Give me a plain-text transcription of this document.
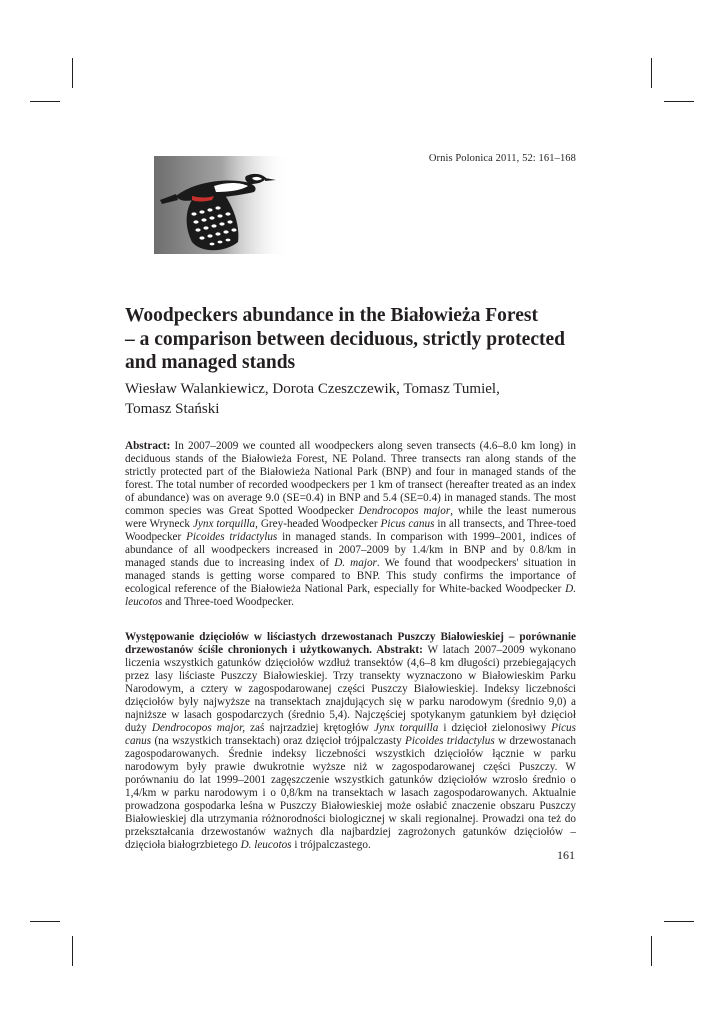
Ornis Polonica 2011, 52: 161–168
Woodpeckers abundance in the Białowieża Forest
– a comparison between deciduous, strictly protected
and managed stands
Wiesław Walankiewicz, Dorota Czeszczewik, Tomasz Tumiel,
Tomasz Stański
Abstract: In 2007–2009 we counted all woodpeckers along seven transects (4.6–8.0 km long) in deciduous stands of the Białowieża Forest, NE Poland. Three transects ran along stands of the strictly protected part of the Białowieża National Park (BNP) and four in managed stands of the forest. The total number of recorded woodpeckers per 1 km of transect (hereafter treated as an index of abundance) was on average 9.0 (SE=0.4) in BNP and 5.4 (SE=0.4) in managed stands. The most common species was Great Spotted Woodpecker Dendrocopos major, while the least numerous were Wryneck Jynx torquilla, Grey-headed Woodpecker Picus canus in all transects, and Three-toed Woodpecker Picoides tridactylus in managed stands. In comparison with 1999–2001, indices of abundance of all woodpeckers increased in 2007–2009 by 1.4/km in BNP and by 0.8/km in managed stands due to increasing index of D. major. We found that woodpeckers' situation in managed stands is getting worse compared to BNP. This study confirms the importance of ecological reference of the Białowieża National Park, especially for White-backed Woodpecker D. leucotos and Three-toed Woodpecker.
Występowanie dzięciołów w liściastych drzewostanach Puszczy Białowieskiej – porównanie drzewostanów ściśle chronionych i użytkowanych. Abstrakt: W latach 2007–2009 wykonano liczenia wszystkich gatunków dzięciołów wzdłuż transektów (4,6–8 km długości) przebiegających przez lasy liściaste Puszczy Białowieskiej. Trzy transekty wyznaczono w Białowieskim Parku Narodowym, a cztery w zagospodarowanej części Puszczy Białowieskiej. Indeksy liczebności dzięciołów były najwyższe na transektach znajdujących się w parku narodowym (średnio 9,0) a najniższe w lasach gospodarczych (średnio 5,4). Najczęściej spotykanym gatunkiem był dzięcioł duży Dendrocopos major, zaś najrzadziej krętogłów Jynx torquilla i dzięcioł zielonosiwy Picus canus (na wszystkich transektach) oraz dzięcioł trójpalczasty Picoides tridactylus w drzewostanach zagospodarowanych. Średnie indeksy liczebności wszystkich dzięciołów łącznie w parku narodowym były prawie dwukrotnie wyższe niż w zagospodarowanej części Puszczy. W porównaniu do lat 1999–2001 zagęszczenie wszystkich gatunków dzięciołów wzrosło średnio o 1,4/km w parku narodowym i o 0,8/km na transektach w lasach zagospodarowanych. Aktualnie prowadzona gospodarka leśna w Puszczy Białowieskiej może osłabić znaczenie obszaru Puszczy Białowieskiej dla utrzymania różnorodności biologicznej w skali regionalnej. Prowadzi ona też do przekształcania drzewostanów ważnych dla najbardziej zagrożonych gatunków dzięciołów – dzięcioła białogrzbietego D. leucotos i trójpalczastego.
161
